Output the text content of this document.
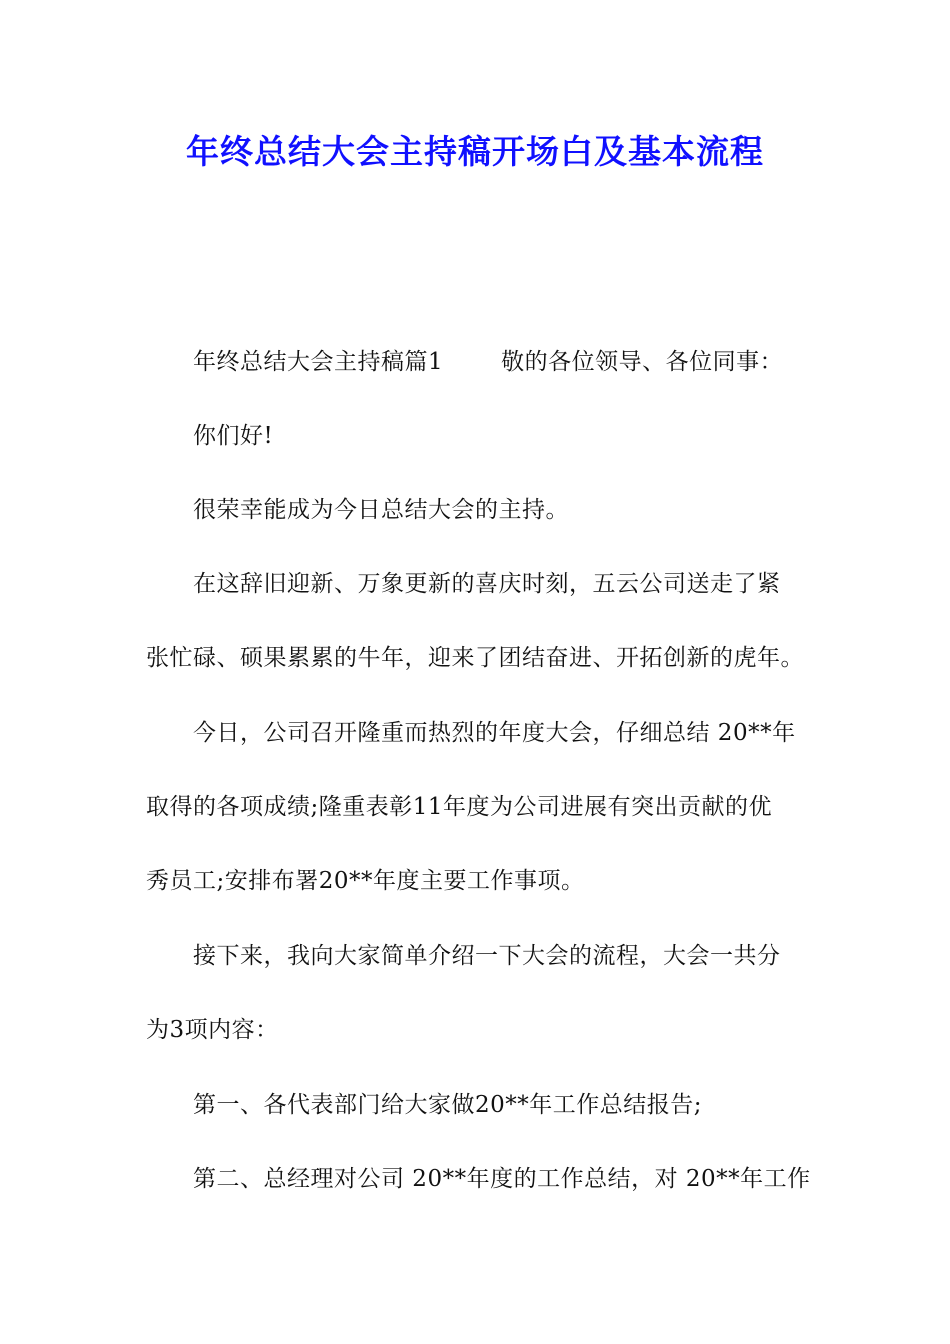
年终总结大会主持稿开场白及基本流程
年终总结大会主持稿篇1	敬的各位领导、各位同事：
你们好!
很荣幸能成为今日总结大会的主持。
在这辞旧迎新、万象更新的喜庆时刻，五云公司送走了紧
张忙碌、硕果累累的牛年，迎来了团结奋进、开拓创新的虎年。
今日，公司召开隆重而热烈的年度大会，仔细总结 20**年
取得的各项成绩;隆重表彰11年度为公司进展有突出贡献的优
秀员工;安排布署20**年度主要工作事项。
接下来，我向大家简单介绍一下大会的流程，大会一共分
为3项内容：
第一、各代表部门给大家做20**年工作总结报告;
第二、总经理对公司 20**年度的工作总结，对 20**年工作
